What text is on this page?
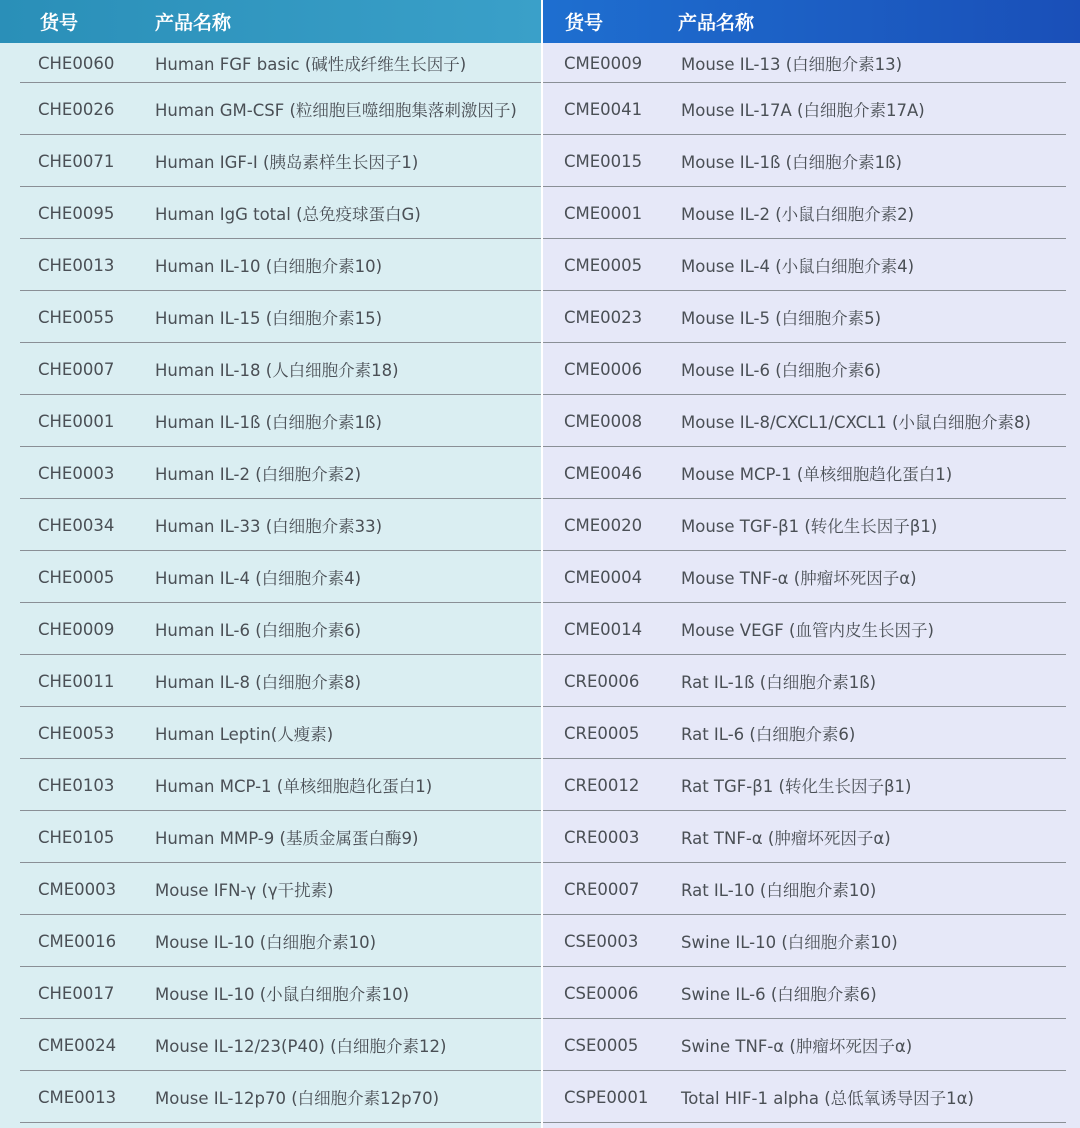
货号	产品名称
CHE0060 Human FGF basic (碱性成纤维生长因子)
CHE0026 Human GM-CSF (粒细胞巨噬细胞集落刺激因子)
CHE0071 Human IGF-I (胰岛素样生长因子1)
CHE0095 Human IgG total (总免疫球蛋白G)
CHE0013 Human IL-10 (白细胞介素10)
CHE0055 Human IL-15 (白细胞介素15)
CHE0007 Human IL-18 (人白细胞介素18)
CHE0001 Human IL-1ß (白细胞介素1ß)
CHE0003 Human IL-2 (白细胞介素2)
CHE0034 Human IL-33 (白细胞介素33)
CHE0005 Human IL-4 (白细胞介素4)
CHE0009 Human IL-6 (白细胞介素6)
CHE0011 Human IL-8 (白细胞介素8)
CHE0053 Human Leptin(人瘦素)
CHE0103 Human MCP-1 (单核细胞趋化蛋白1)
CHE0105 Human MMP-9 (基质金属蛋白酶9)
CME0003 Mouse IFN-γ (γ干扰素)
CME0016 Mouse IL-10 (白细胞介素10)
CHE0017 Mouse IL-10 (小鼠白细胞介素10)
CME0024 Mouse IL-12/23(P40) (白细胞介素12)
CME0013 Mouse IL-12p70 (白细胞介素12p70)
货号	产品名称
CME0009 Mouse IL-13 (白细胞介素13)
CME0041 Mouse IL-17A (白细胞介素17A)
CME0015 Mouse IL-1ß (白细胞介素1ß)
CME0001 Mouse IL-2 (小鼠白细胞介素2)
CME0005 Mouse IL-4 (小鼠白细胞介素4)
CME0023 Mouse IL-5 (白细胞介素5)
CME0006 Mouse IL-6 (白细胞介素6)
CME0008 Mouse IL-8/CXCL1/CXCL1 (小鼠白细胞介素8)
CME0046 Mouse MCP-1 (单核细胞趋化蛋白1)
CME0020 Mouse TGF-β1 (转化生长因子β1)
CME0004 Mouse TNF-α (肿瘤坏死因子α)
CME0014 Mouse VEGF (血管内皮生长因子)
CRE0006	Rat IL-1ß (白细胞介素1ß)
CRE0005	Rat IL-6 (白细胞介素6)
CRE0012	Rat TGF-β1 (转化生长因子β1)
CRE0003	Rat TNF-α (肿瘤坏死因子α)
CRE0007	Rat IL-10 (白细胞介素10)
CSE0003	Swine IL-10 (白细胞介素10)
CSE0006	Swine IL-6 (白细胞介素6)
CSE0005	Swine TNF-α (肿瘤坏死因子α)
CSPE0001 Total HIF-1 alpha (总低氧诱导因子1α)
